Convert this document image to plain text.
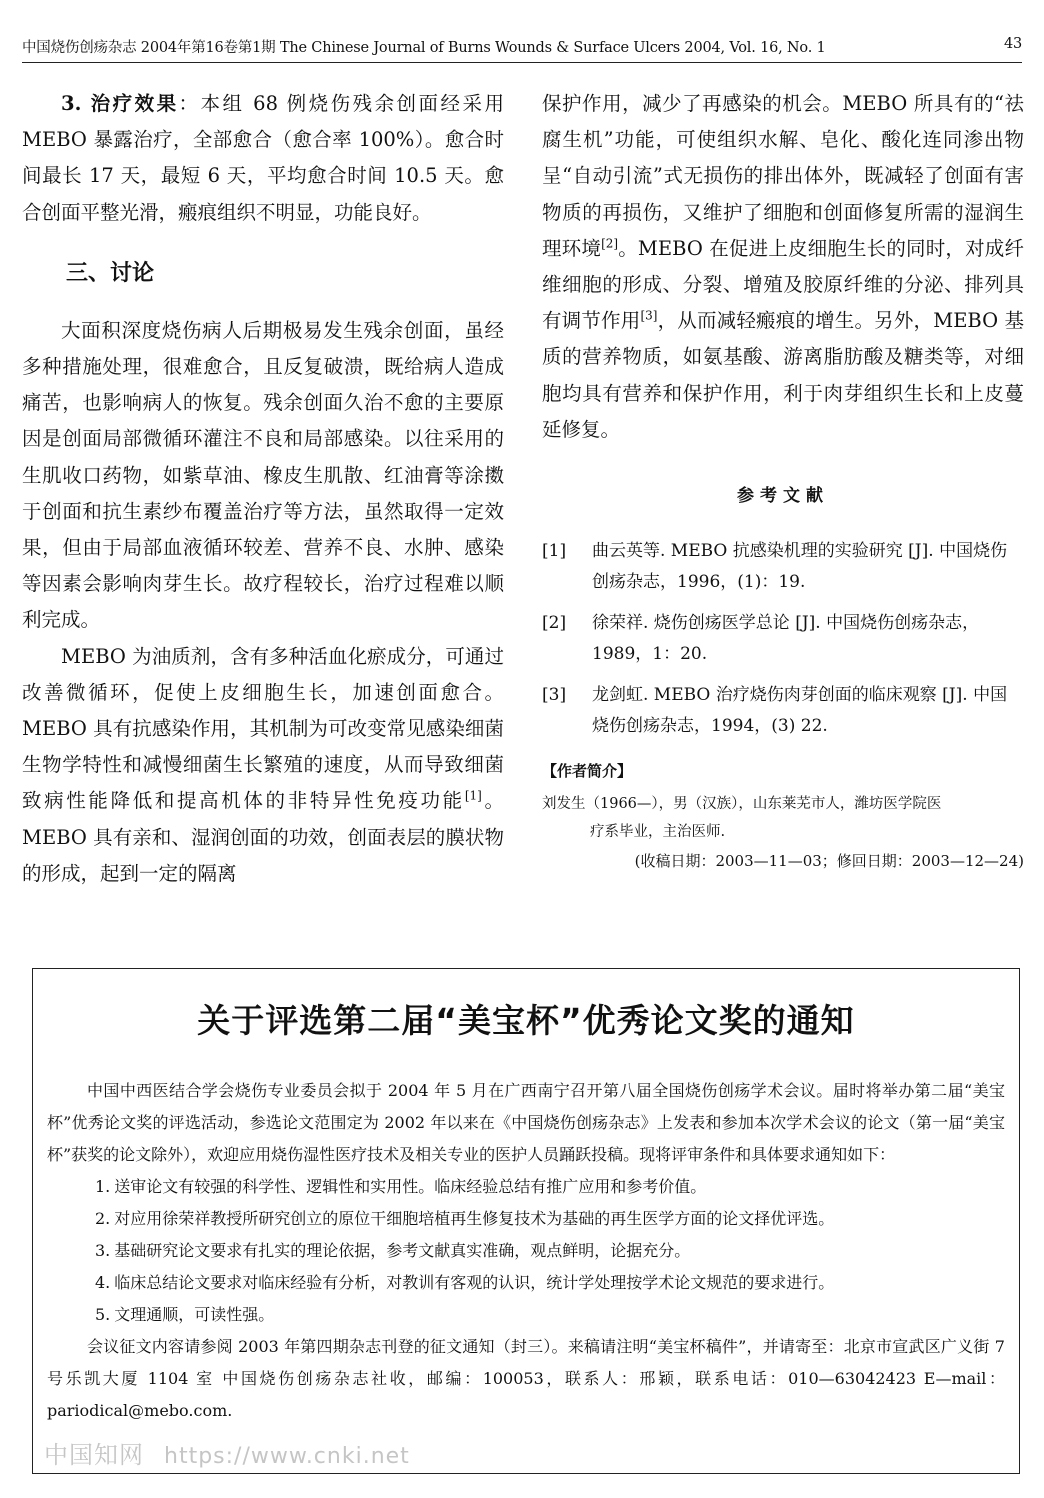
中国烧伤创疡杂志 2004年第16卷第1期 The Chinese Journal of Burns Wounds & Surface Ulcers 2004, Vol. 16, No. 1	43

3. 治疗效果：本组 68 例烧伤残余创面经采用 MEBO 暴露治疗，全部愈合（愈合率 100%）。愈合时间最长 17 天，最短 6 天，平均愈合时间 10.5 天。愈合创面平整光滑，瘢痕组织不明显，功能良好。

三、讨论

大面积深度烧伤病人后期极易发生残余创面，虽经多种措施处理，很难愈合，且反复破溃，既给病人造成痛苦，也影响病人的恢复。残余创面久治不愈的主要原因是创面局部微循环灌注不良和局部感染。以往采用的生肌收口药物，如紫草油、橡皮生肌散、红油膏等涂擞于创面和抗生素纱布覆盖治疗等方法，虽然取得一定效果，但由于局部血液循环较差、营养不良、水肿、感染等因素会影响肉芽生长。故疗程较长，治疗过程难以顺利完成。

MEBO 为油质剂，含有多种活血化瘀成分，可通过改善微循环，促使上皮细胞生长，加速创面愈合。MEBO 具有抗感染作用，其机制为可改变常见感染细菌生物学特性和减慢细菌生长繁殖的速度，从而导致细菌致病性能降低和提高机体的非特异性免疫功能[1]。MEBO 具有亲和、湿润创面的功效，创面表层的膜状物的形成，起到一定的隔离

保护作用，减少了再感染的机会。MEBO 所具有的“祛腐生机”功能，可使组织水解、皂化、酸化连同渗出物呈“自动引流”式无损伤的排出体外，既减轻了创面有害物质的再损伤，又维护了细胞和创面修复所需的湿润生理环境[2]。MEBO 在促进上皮细胞生长的同时，对成纤维细胞的形成、分裂、增殖及胶原纤维的分泌、排列具有调节作用[3]，从而减轻瘢痕的增生。另外，MEBO 基质的营养物质，如氨基酸、游离脂肪酸及糖类等，对细胞均具有营养和保护作用，利于肉芽组织生长和上皮蔓延修复。

参考文献
[1] 曲云英等. MEBO 抗感染机理的实验研究 [J]. 中国烧伤创疡杂志，1996，(1)：19.
[2] 徐荣祥. 烧伤创疡医学总论 [J]. 中国烧伤创疡杂志，1989，1：20.
[3] 龙剑虹. MEBO 治疗烧伤肉芽创面的临床观察 [J]. 中国烧伤创疡杂志，1994，(3) 22.
【作者简介】
刘发生（1966—），男（汉族），山东莱芜市人，潍坊医学院医
疗系毕业，主治医师.
(收稿日期：2003—11—03；修回日期：2003—12—24)
关于评选第二届“美宝杯”优秀论文奖的通知

中国中西医结合学会烧伤专业委员会拟于 2004 年 5 月在广西南宁召开第八届全国烧伤创疡学术会议。届时将举办第二届“美宝杯”优秀论文奖的评选活动，参选论文范围定为 2002 年以来在《中国烧伤创疡杂志》上发表和参加本次学术会议的论文（第一届“美宝杯”获奖的论文除外），欢迎应用烧伤湿性医疗技术及相关专业的医护人员踊跃投稿。现将评审条件和具体要求通知如下：

1. 送审论文有较强的科学性、逻辑性和实用性。临床经验总结有推广应用和参考价值。

2. 对应用徐荣祥教授所研究创立的原位干细胞培植再生修复技术为基础的再生医学方面的论文择优评选。

3. 基础研究论文要求有扎实的理论依据，参考文献真实准确，观点鲜明，论据充分。

4. 临床总结论文要求对临床经验有分析，对教训有客观的认识，统计学处理按学术论文规范的要求进行。

5. 文理通顺，可读性强。

会议征文内容请参阅 2003 年第四期杂志刊登的征文通知（封三）。来稿请注明“美宝杯稿件”，并请寄至：北京市宣武区广义街 7 号乐凯大厦 1104 室 中国烧伤创疡杂志社收，邮编：100053，联系人：邢颖，联系电话：010—63042423 E—mail：pariodical@mebo.com.

中国知网 https://www.cnki.net
